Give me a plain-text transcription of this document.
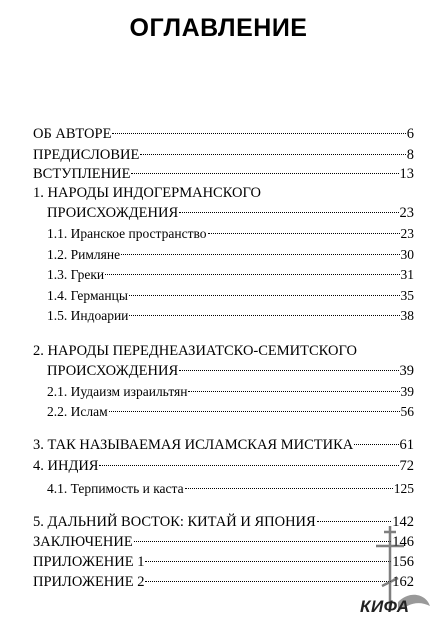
ОГЛАВЛЕНИЕ
ОБ АВТОРЕ	6
ПРЕДИСЛОВИЕ	8
ВСТУПЛЕНИЕ	13
1. НАРОДЫ ИНДОГЕРМАНСКОГО
ПРОИСХОЖДЕНИЯ	23
1.1. Иранское пространство	23
1.2. Римляне	30
1.3. Греки	31
1.4. Германцы	35
1.5. Индоарии	38
2. НАРОДЫ ПЕРЕДНЕАЗИАТСКО-СЕМИТСКОГО
ПРОИСХОЖДЕНИЯ	39
2.1. Иудаизм израильтян	39
2.2. Ислам	56
3. ТАК НАЗЫВАЕМАЯ ИСЛАМСКАЯ МИСТИКА	61
4. ИНДИЯ	72
4.1. Терпимость и каста	125
5. ДАЛЬНИЙ ВОСТОК: КИТАЙ И ЯПОНИЯ	142
ЗАКЛЮЧЕНИЕ	146
ПРИЛОЖЕНИЕ 1	156
ПРИЛОЖЕНИЕ 2	162
КИФА
